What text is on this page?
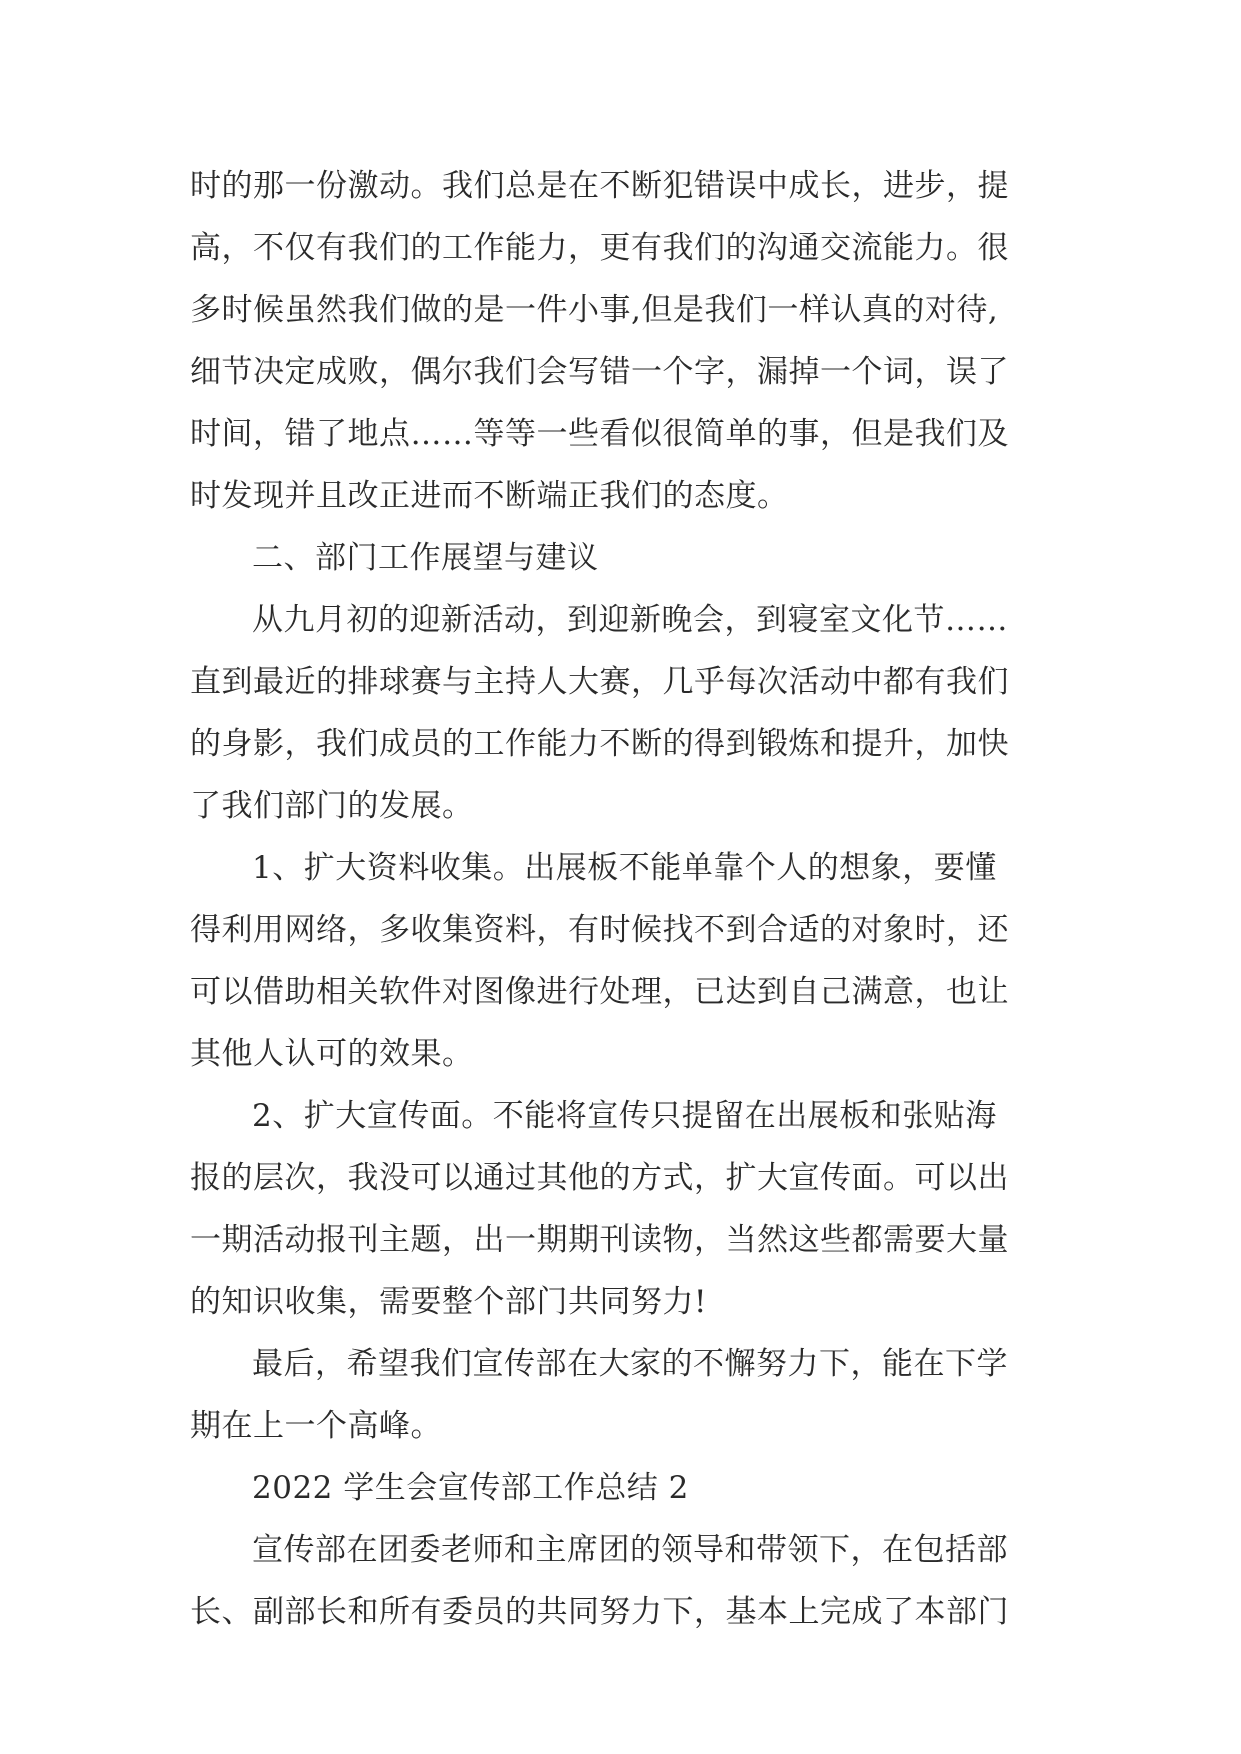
时的那一份激动。我们总是在不断犯错误中成长，进步，提
高，不仅有我们的工作能力，更有我们的沟通交流能力。很
多时候虽然我们做的是一件小事,但是我们一样认真的对待,
细节决定成败，偶尔我们会写错一个字，漏掉一个词，误了
时间，错了地点……等等一些看似很简单的事，但是我们及
时发现并且改正进而不断端正我们的态度。
二、部门工作展望与建议
从九月初的迎新活动，到迎新晚会，到寝室文化节……
直到最近的排球赛与主持人大赛，几乎每次活动中都有我们
的身影，我们成员的工作能力不断的得到锻炼和提升，加快
了我们部门的发展。
1、扩大资料收集。出展板不能单靠个人的想象，要懂
得利用网络，多收集资料，有时候找不到合适的对象时，还
可以借助相关软件对图像进行处理，已达到自己满意，也让
其他人认可的效果。
2、扩大宣传面。不能将宣传只提留在出展板和张贴海
报的层次，我没可以通过其他的方式，扩大宣传面。可以出
一期活动报刊主题，出一期期刊读物，当然这些都需要大量
的知识收集，需要整个部门共同努力!
最后，希望我们宣传部在大家的不懈努力下，能在下学
期在上一个高峰。
2022 学生会宣传部工作总结 2
宣传部在团委老师和主席团的领导和带领下，在包括部
长、副部长和所有委员的共同努力下，基本上完成了本部门
